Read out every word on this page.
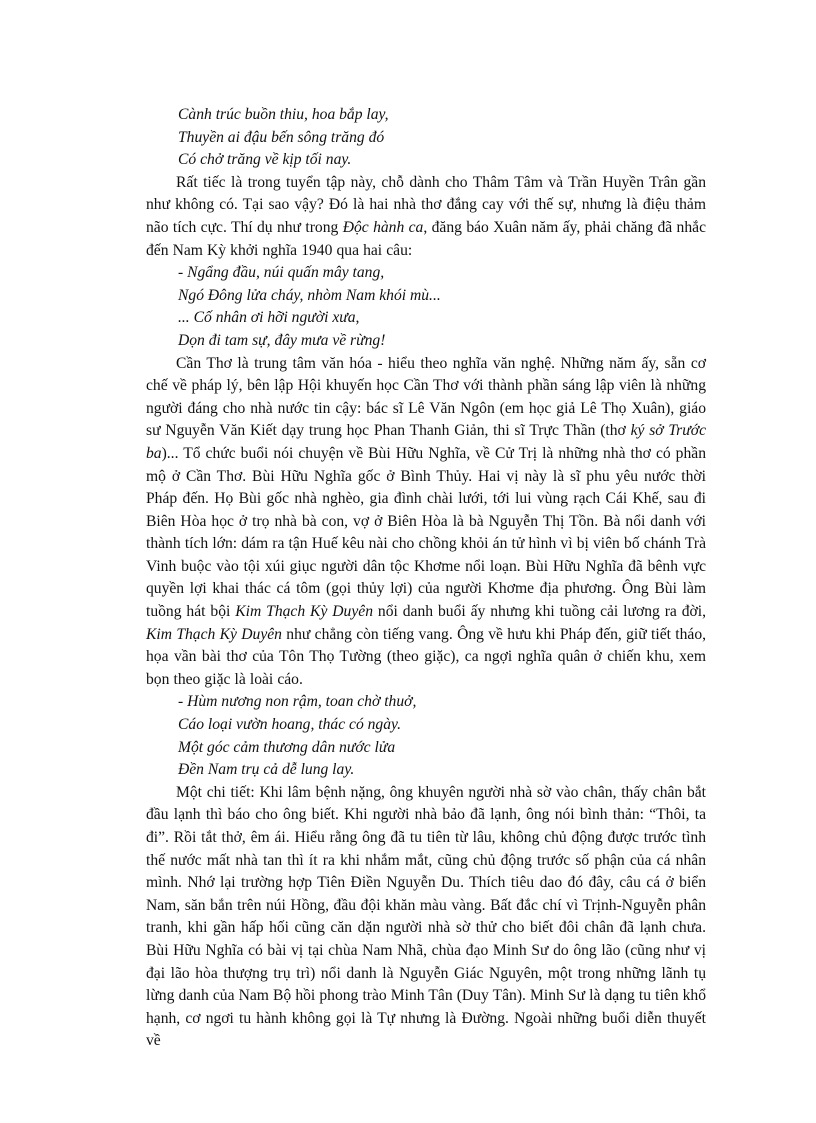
Cành trúc buồn thiu, hoa bắp lay,
Thuyền ai đậu bến sông trăng đó
Có chở trăng về kịp tối nay.

Rất tiếc là trong tuyển tập này, chỗ dành cho Thâm Tâm và Trần Huyền Trân gần như không có. Tại sao vậy? Đó là hai nhà thơ đắng cay với thế sự, nhưng là điệu thảm não tích cực. Thí dụ như trong Độc hành ca, đăng báo Xuân năm ấy, phải chăng đã nhắc đến Nam Kỳ khởi nghĩa 1940 qua hai câu:

- Ngẩng đầu, núi quấn mây tang,
Ngó Đông lửa cháy, nhòm Nam khói mù...
... Cố nhân ơi hỡi người xưa,
Dọn đi tam sự, đây mưa về rừng!

Cần Thơ là trung tâm văn hóa - hiểu theo nghĩa văn nghệ. Những năm ấy, sẵn cơ chế về pháp lý, bên lập Hội khuyến học Cần Thơ với thành phần sáng lập viên là những người đáng cho nhà nước tin cậy: bác sĩ Lê Văn Ngôn (em học giả Lê Thọ Xuân), giáo sư Nguyễn Văn Kiết dạy trung học Phan Thanh Giản, thi sĩ Trực Thần (thơ ký sở Trước ba)... Tổ chức buổi nói chuyện về Bùi Hữu Nghĩa, về Cử Trị là những nhà thơ có phần mộ ở Cần Thơ. Bùi Hữu Nghĩa gốc ở Bình Thủy. Hai vị này là sĩ phu yêu nước thời Pháp đến. Họ Bùi gốc nhà nghèo, gia đình chài lưới, tới lui vùng rạch Cái Khế, sau đi Biên Hòa học ở trọ nhà bà con, vợ ở Biên Hòa là bà Nguyễn Thị Tồn. Bà nổi danh với thành tích lớn: dám ra tận Huế kêu nài cho chồng khỏi án tử hình vì bị viên bố chánh Trà Vinh buộc vào tội xúi giục người dân tộc Khơme nổi loạn. Bùi Hữu Nghĩa đã bênh vực quyền lợi khai thác cá tôm (gọi thủy lợi) của người Khơme địa phương. Ông Bùi làm tuồng hát bội Kim Thạch Kỳ Duyên nổi danh buổi ấy nhưng khi tuồng cải lương ra đời, Kim Thạch Kỳ Duyên như chẳng còn tiếng vang. Ông về hưu khi Pháp đến, giữ tiết tháo, họa vần bài thơ của Tôn Thọ Tường (theo giặc), ca ngợi nghĩa quân ở chiến khu, xem bọn theo giặc là loài cáo.

- Hùm nương non rậm, toan chờ thuở,
Cáo loại vườn hoang, thác có ngày.
Một góc cảm thương dân nước lửa
Đền Nam trụ cả dễ lung lay.

Một chi tiết: Khi lâm bệnh nặng, ông khuyên người nhà sờ vào chân, thấy chân bắt đầu lạnh thì báo cho ông biết. Khi người nhà bảo đã lạnh, ông nói bình thản: “Thôi, ta đi”. Rồi tắt thở, êm ái. Hiểu rằng ông đã tu tiên từ lâu, không chủ động được trước tình thế nước mất nhà tan thì ít ra khi nhắm mắt, cũng chủ động trước số phận của cá nhân mình. Nhớ lại trường hợp Tiên Điền Nguyễn Du. Thích tiêu dao đó đây, câu cá ở biển Nam, săn bắn trên núi Hồng, đầu đội khăn màu vàng. Bất đắc chí vì Trịnh-Nguyễn phân tranh, khi gần hấp hối cũng căn dặn người nhà sờ thử cho biết đôi chân đã lạnh chưa. Bùi Hữu Nghĩa có bài vị tại chùa Nam Nhã, chùa đạo Minh Sư do ông lão (cũng như vị đại lão hòa thượng trụ trì) nổi danh là Nguyễn Giác Nguyên, một trong những lãnh tụ lừng danh của Nam Bộ hồi phong trào Minh Tân (Duy Tân). Minh Sư là dạng tu tiên khổ hạnh, cơ ngơi tu hành không gọi là Tự nhưng là Đường. Ngoài những buổi diễn thuyết về
